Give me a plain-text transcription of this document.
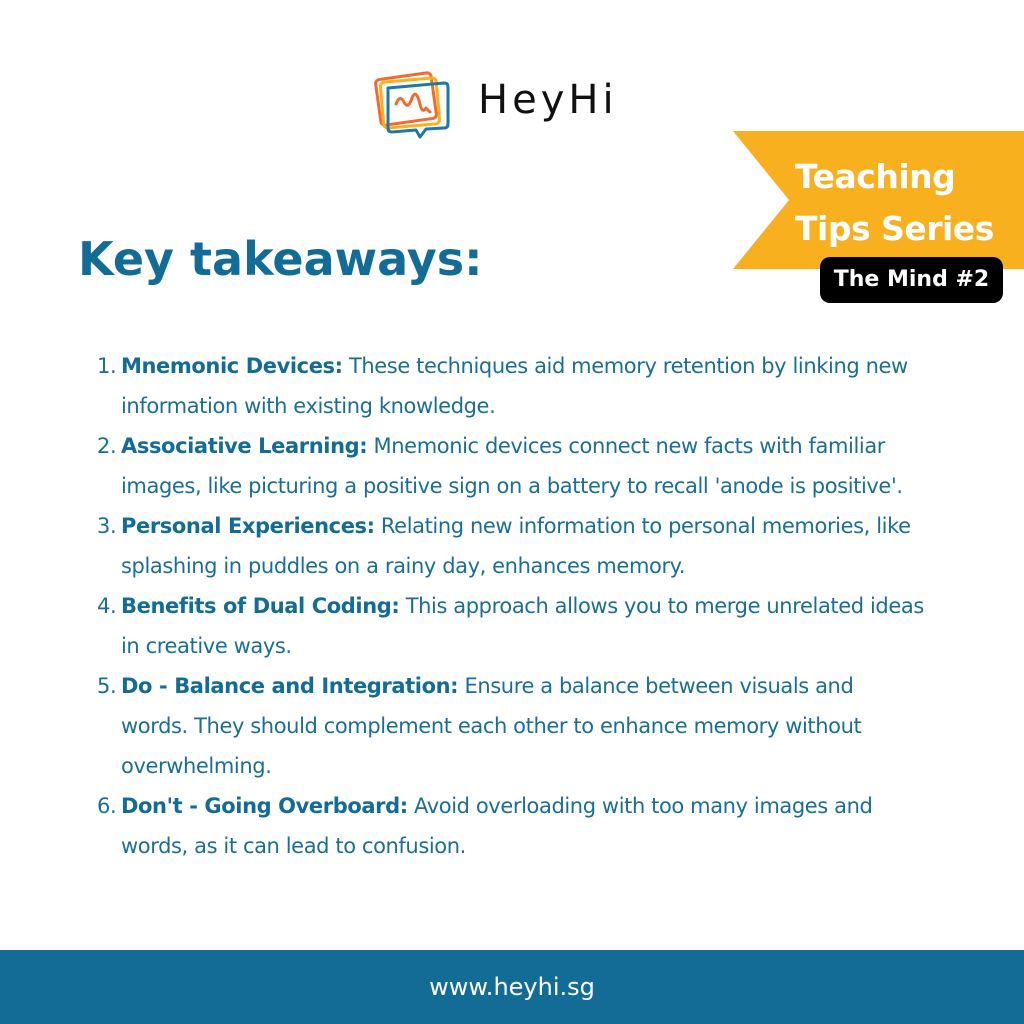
HeyHi
Teaching
Tips Series
The Mind #2
Key takeaways:
1. Mnemonic Devices: These techniques aid memory retention by linking new information with existing knowledge.
2. Associative Learning: Mnemonic devices connect new facts with familiar images, like picturing a positive sign on a battery to recall 'anode is positive'.
3. Personal Experiences: Relating new information to personal memories, like splashing in puddles on a rainy day, enhances memory.
4. Benefits of Dual Coding: This approach allows you to merge unrelated ideas in creative ways.
5. Do - Balance and Integration: Ensure a balance between visuals and words. They should complement each other to enhance memory without overwhelming.
6. Don't - Going Overboard: Avoid overloading with too many images and words, as it can lead to confusion.
www.heyhi.sg
